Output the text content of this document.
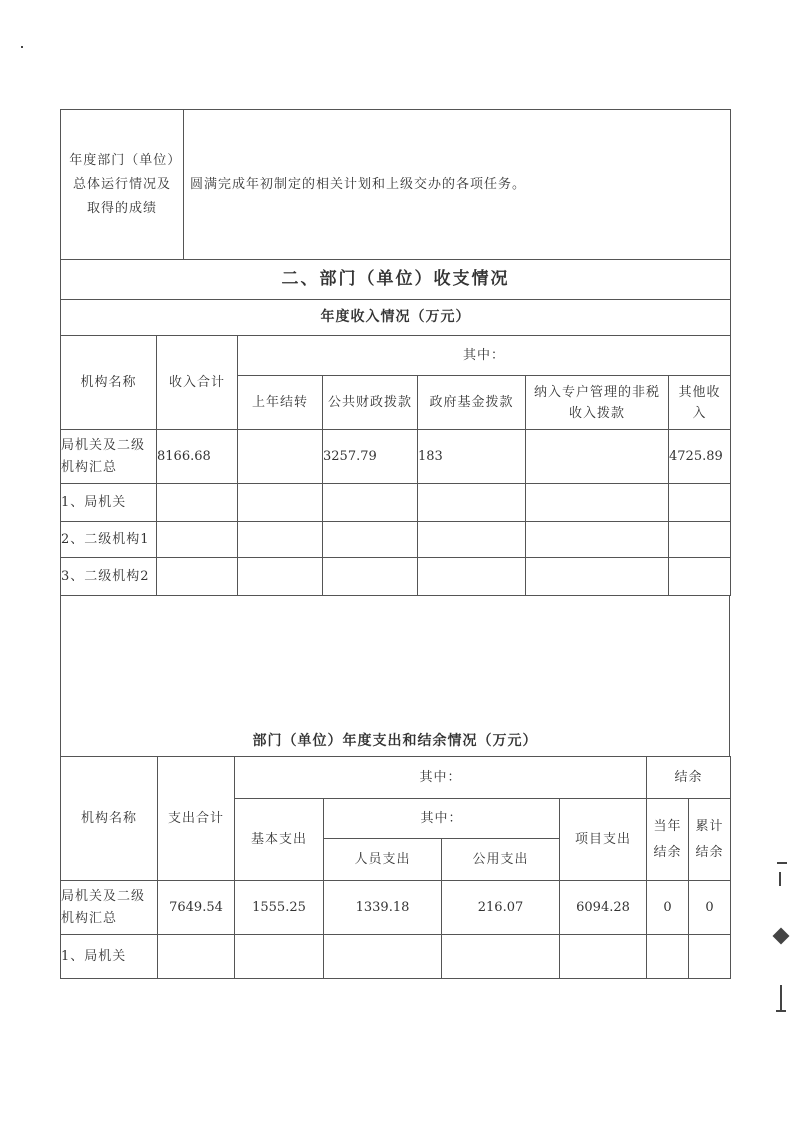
年度部门（单位）总体运行情况及取得的成绩	圆满完成年初制定的相关计划和上级交办的各项任务。
二、部门（单位）收支情况
年度收入情况（万元）						
机构名称	收入合计	其中：				
		上年结转	公共财政拨款	政府基金拨款	纳入专户管理的非税收入拨款	其他收入
局机关及二级机构汇总	8166.68		3257.79	183		4725.89
1、局机关						
2、二级机构1						
3、二级机构2						
部门（单位）年度支出和结余情况（万元）
机构名称	支出合计	其中：				结余	
		基本支出	其中：		项目支出	当年结余	累计结余
			人员支出	公用支出			
局机关及二级机构汇总	7649.54	1555.25	1339.18	216.07	6094.28	0	0
1、局机关							
